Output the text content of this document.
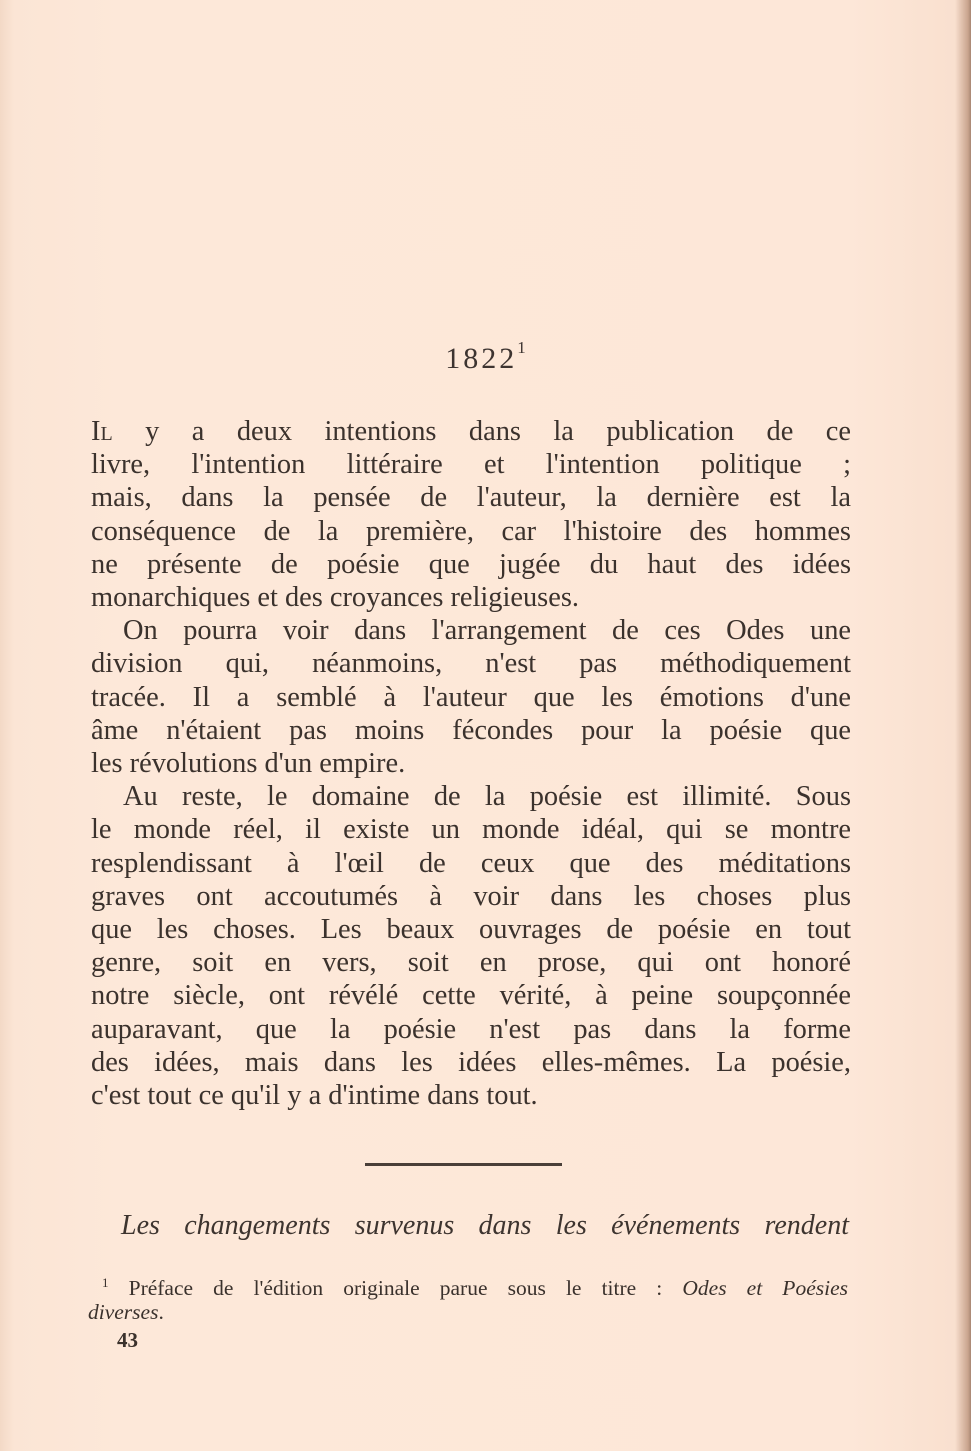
1822$^1$
Il y a deux intentions dans la publication de ce
livre, l'intention littéraire et l'intention politique ;
mais, dans la pensée de l'auteur, la dernière est la
conséquence de la première, car l'histoire des hommes
ne présente de poésie que jugée du haut des idées
monarchiques et des croyances religieuses.
On pourra voir dans l'arrangement de ces Odes une
division qui, néanmoins, n'est pas méthodiquement
tracée. Il a semblé à l'auteur que les émotions d'une
âme n'étaient pas moins fécondes pour la poésie que
les révolutions d'un empire.
Au reste, le domaine de la poésie est illimité. Sous
le monde réel, il existe un monde idéal, qui se montre
resplendissant à l'œil de ceux que des méditations
graves ont accoutumés à voir dans les choses plus
que les choses. Les beaux ouvrages de poésie en tout
genre, soit en vers, soit en prose, qui ont honoré
notre siècle, ont révélé cette vérité, à peine soupçonnée
auparavant, que la poésie n'est pas dans la forme
des idées, mais dans les idées elles-mêmes. La poésie,
c'est tout ce qu'il y a d'intime dans tout.
Les changements survenus dans les événements rendent
$^1$ Préface de l'édition originale parue sous le titre : Odes et Poésies
diverses.
43
